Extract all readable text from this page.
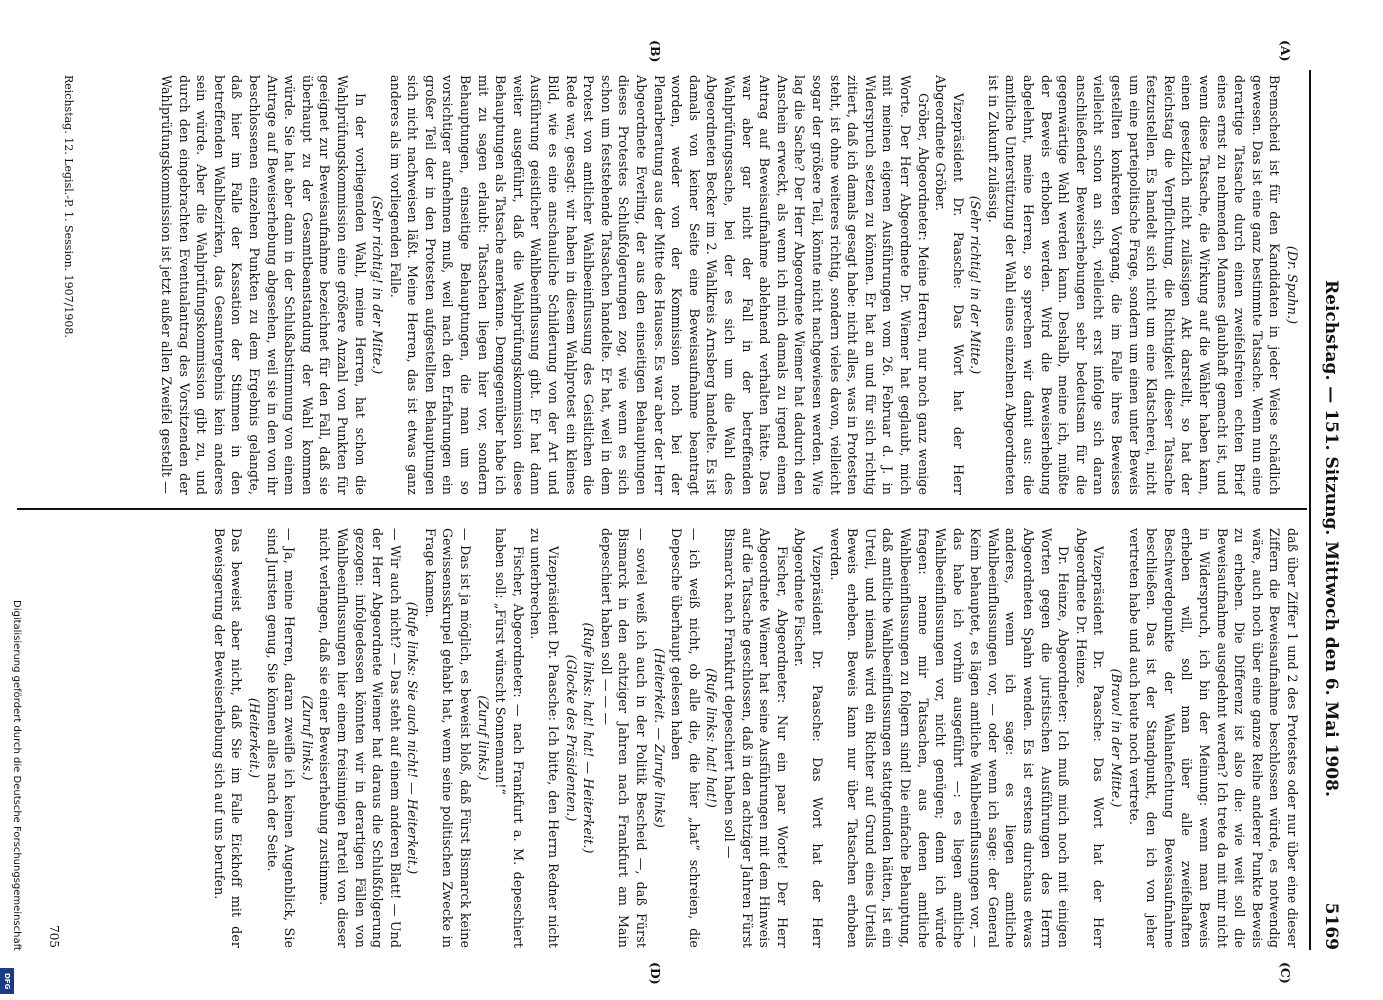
Reichstag. — 151. Sitzung. Mittwoch den 6. Mai 1908.
5169
(A)
(B)
(C)
(D)

(Dr. Spahn.)

Bremscheid ist für den Kandidaten in jeder Weise schädlich gewesen. Das ist eine ganz bestimmte Tatsache. Wenn nun eine derartige Tatsache durch einen zweifelsfreien echten Brief eines ernst zu nehmenden Mannes glaubhaft gemacht ist, und wenn diese Tatsache, die Wirkung auf die Wähler haben kann, einen gesetzlich nicht zulässigen Akt darstellt, so hat der Reichstag die Verpflichtung, die Richtigkeit dieser Tatsache festzustellen. Es handelt sich nicht um eine Klatscherei, nicht um eine parteipolitische Frage, sondern um einen unter Beweis gestellten konkreten Vorgang, die im Falle ihres Beweises vielleicht schon an sich, vielleicht erst infolge sich daran anschließender Beweiserhebungen sehr bedeutsam für die gegenwärtige Wahl werden kann. Deshalb, meine ich, müßte der Beweis erhoben werden. Wird die Beweiserhebung abgelehnt, meine Herren, so sprechen wir damit aus: die amtliche Unterstützung der Wahl eines einzelnen Abgeordneten ist in Zukunft zulässig.

(Sehr richtig! in der Mitte.)

Vizepräsident Dr. Paasche: Das Wort hat der Herr Abgeordnete Gröber.

Gröber, Abgeordneter: Meine Herren, nur noch ganz wenige Worte. Der Herr Abgeordnete Dr. Wiemer hat geglaubt, mich mit meinen eigenen Ausführungen vom 26. Februar d. J. in Widerspruch setzen zu können. Er hat an und für sich richtig zitiert, daß ich damals gesagt habe: nicht alles, was in Protesten steht, ist ohne weiteres richtig, sondern vieles davon, vielleicht sogar der größere Teil, könnte nicht nachgewiesen werden. Wie lag die Sache? Der Herr Abgeordnete Wiemer hat dadurch den Anschein erweckt, als wenn ich mich damals zu irgend einem Antrag auf Beweisaufnahme ablehnend verhalten hätte. Das war aber gar nicht der Fall in der betreffenden Wahlprüfungssache, bei der es sich um die Wahl des Abgeordneten Becker im 2. Wahlkreis Arnsberg handelte. Es ist damals von keiner Seite eine Beweisaufnahme beantragt worden, weder von der Kommission noch bei der Plenarberatung aus der Mitte des Hauses. Es war aber der Herr Abgeordnete Everling, der aus den einseitigen Behauptungen dieses Protestes Schlußfolgerungen zog, wie wenn es sich schon um feststehende Tatsachen handelte. Er hat, weil in dem Protest von amtlicher Wahlbeeinflussung des Geistlichen die Rede war, gesagt: wir haben in diesem Wahlprotest ein kleines Bild, wie es eine anschauliche Schilderung von der Art und Ausführung geistlicher Wahlbeeinflussung gibt. Er hat dann weiter ausgeführt, daß die Wahlprüfungskommission diese Behauptungen als Tatsache anerkenne. Demgegenüber habe ich mit zu sagen erlaubt: Tatsachen liegen hier vor, sondern Behauptungen, einseitige Behauptungen, die man um so vorsichtiger aufnehmen muß, weil nach den Erfahrungen ein großer Teil der in den Protesten aufgestellten Behauptungen sich nicht nachweisen läßt. Meine Herren, das ist etwas ganz anderes als im vorliegenden Falle.

(Sehr richtig! in der Mitte.)

In der vorliegenden Wahl, meine Herren, hat schon die Wahlprüfungskommission eine größere Anzahl von Punkten für geeignet zur Beweisaufnahme bezeichnet für den Fall, daß sie überhaupt zu der Gesamtbeanstandung der Wahl kommen würde. Sie hat aber dann in der Schlußabstimmung von einem Antrage auf Beweiserhebung abgesehen, weil sie in den von ihr beschlossenen einzelnen Punkten zu dem Ergebnis gelangte, daß hier im Falle der Kassation der Stimmen in den betreffenden Wahlbezirken, das Gesamtergebnis kein anderes sein würde. Aber die Wahlprüfungskommission gibt zu, und durch den eingebrachten Eventualantrag des Vorsitzenden der Wahlprüfungskommission ist jetzt außer allen Zweifel gestellt —

daß über Ziffer 1 und 2 des Protestes oder nur über eine dieser Ziffern die Beweisaufnahme beschlossen würde, es notwendig wäre, auch noch über eine ganze Reihe anderer Punkte Beweis zu erheben. Die Differenz ist also die: wie weit soll die Beweisaufnahme ausgedehnt werden? Ich trete da mit mir nicht in Widerspruch, ich bin der Meinung: wenn man Beweis erheben will, soll man über alle zweifelhaften Beschwerdepunkte der Wahlanfechtung Beweisaufnahme beschließen. Das ist der Standpunkt, den ich von jeher vertreten habe und auch heute noch vertrete.

(Bravo! in der Mitte.)

Vizepräsident Dr. Paasche: Das Wort hat der Herr Abgeordnete Dr. Heinze.

Dr. Heinze, Abgeordneter: Ich muß mich noch mit einigen Worten gegen die juristischen Ausführungen des Herrn Abgeordneten Spahn wenden. Es ist erstens durchaus etwas anderes, wenn ich sage: es liegen amtliche Wahlbeeinflussungen vor, — oder wenn ich sage: der General Keim behauptet, es lägen amtliche Wahlbeeinflussungen vor, — das habe ich vorhin ausgeführt —: es liegen amtliche Wahlbeeinflussungen vor, nicht genügen; denn ich würde fragen: nenne mir Tatsachen, aus denen amtliche Wahlbeeinflussungen zu folgern sind! Die einfache Behauptung, daß amtliche Wahlbeeinflussungen stattgefunden hätten, ist ein Urteil, und niemals wird ein Richter auf Grund eines Urteils Beweis erheben. Beweis kann nur über Tatsachen erhoben werden.

Vizepräsident Dr. Paasche: Das Wort hat der Herr Abgeordnete Fischer.

Fischer, Abgeordneter: Nur ein paar Worte! Der Herr Abgeordnete Wiemer hat seine Ausführungen mit dem Hinweis auf die Tatsache geschlossen, daß in den achtziger Jahren Fürst Bismarck nach Frankfurt depeschiert haben soll —

(Rufe links: hat! hat!)

— ich weiß nicht, ob alle die, die hier „hat“ schreien, die Depesche überhaupt gelesen haben

(Heiterkeit. — Zurufe links)

— soviel weiß ich auch in der Politik Bescheid —, daß Fürst Bismarck in den achtziger Jahren nach Frankfurt am Main depeschiert haben soll — — —

(Rufe links: hat! hat! — Heiterkeit.)

(Glocke des Präsidenten.)

Vizepräsident Dr. Paasche: Ich bitte, den Herrn Redner nicht zu unterbrechen.

Fischer, Abgeordneter: — nach Frankfurt a. M. depeschiert haben soll: „Fürst wünscht Sonnemann!“

(Zuruf links.)

— Das ist ja möglich, es beweist bloß, daß Fürst Bismarck keine Gewissensskrupel gehabt hat, wenn seine politischen Zwecke in Frage kamen.

(Rufe links: Sie auch nicht! — Heiterkeit.)

— Wir auch nicht? — Das steht auf einem anderen Blatt! — Und der Herr Abgeordnete Wiemer hat daraus die Schlußfolgerung gezogen: infolgedessen könnten wir in derartigen Fällen von Wahlbeeinflussungen hier einem freisinnigen Parteil von dieser nicht verlangen, daß sie einer Beweiserhebung zustimme.

(Zuruf links.)

— Ja, meine Herren, daran zweifle ich keinen Augenblick, Sie sind Juristen genug, Sie können alles nach der Seite.

(Heiterkeit.)

Das beweist aber nicht, daß Sie im Falle Eickhoff mit der Beweisgerung der Beweiserhebung sich auf uns berufen.

Reichstag. 12. Legisl.-P. 1. Session. 1907/1908.
705
Digitalisierung gefördert durch die Deutsche Forschungsgemeinschaft
DFG
